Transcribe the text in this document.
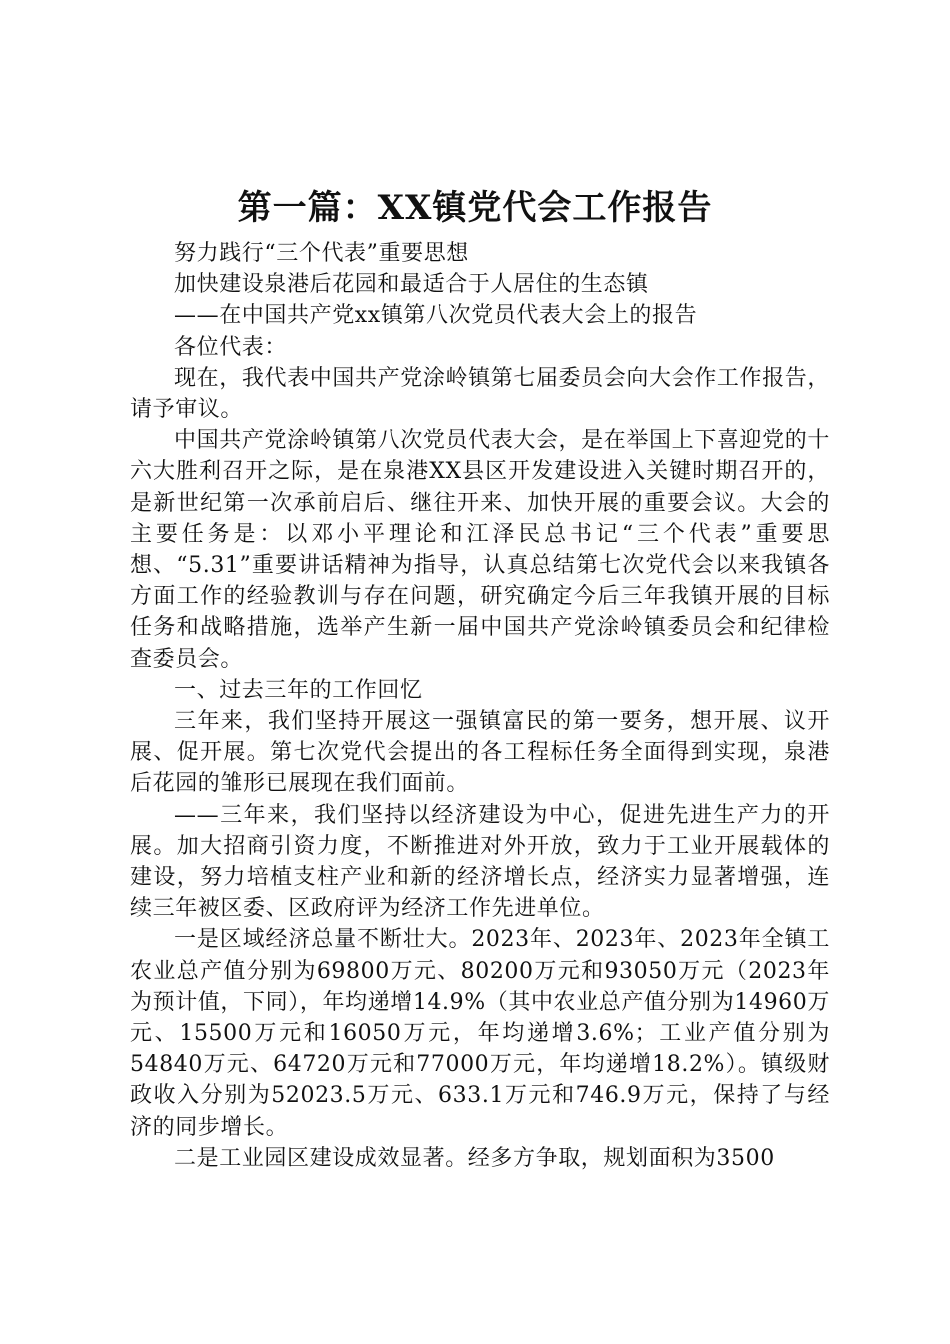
第一篇：XX镇党代会工作报告

努力践行“三个代表”重要思想

加快建设泉港后花园和最适合于人居住的生态镇

——在中国共产党xx镇第八次党员代表大会上的报告

各位代表：

现在，我代表中国共产党涂岭镇第七届委员会向大会作工作报告，请予审议。

中国共产党涂岭镇第八次党员代表大会，是在举国上下喜迎党的十六大胜利召开之际，是在泉港XX县区开发建设进入关键时期召开的，是新世纪第一次承前启后、继往开来、加快开展的重要会议。大会的主要任务是：以邓小平理论和江泽民总书记“三个代表”重要思想、“5.31”重要讲话精神为指导，认真总结第七次党代会以来我镇各方面工作的经验教训与存在问题，研究确定今后三年我镇开展的目标任务和战略措施，选举产生新一届中国共产党涂岭镇委员会和纪律检查委员会。

一、过去三年的工作回忆

三年来，我们坚持开展这一强镇富民的第一要务，想开展、议开展、促开展。第七次党代会提出的各工程标任务全面得到实现，泉港后花园的雏形已展现在我们面前。

——三年来，我们坚持以经济建设为中心，促进先进生产力的开展。加大招商引资力度，不断推进对外开放，致力于工业开展载体的建设，努力培植支柱产业和新的经济增长点，经济实力显著增强，连续三年被区委、区政府评为经济工作先进单位。

一是区域经济总量不断壮大。2023年、2023年、2023年全镇工农业总产值分别为69800万元、80200万元和93050万元（2023年为预计值，下同），年均递增14.9%（其中农业总产值分别为14960万元、15500万元和16050万元，年均递增3.6%；工业产值分别为54840万元、64720万元和77000万元，年均递增18.2%）。镇级财政收入分别为52023.5万元、633.1万元和746.9万元，保持了与经济的同步增长。

二是工业园区建设成效显著。经多方争取，规划面积为3500
